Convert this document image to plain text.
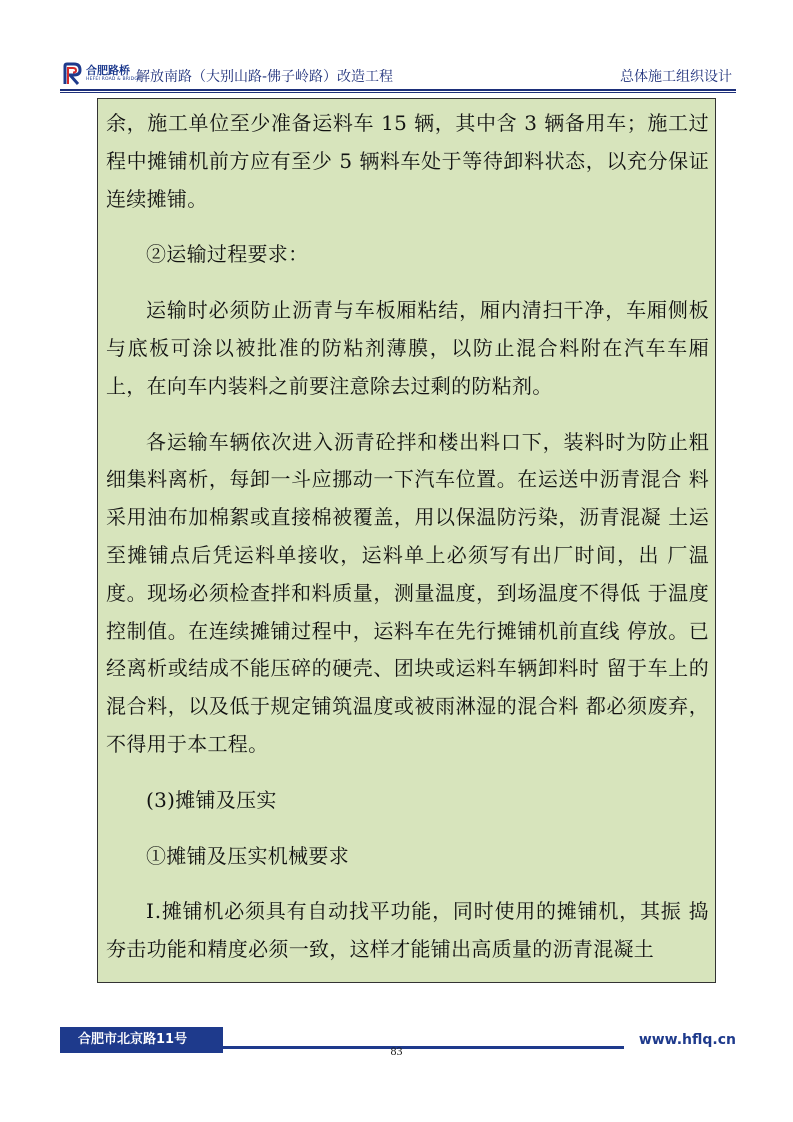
合肥路桥
HEFEI ROAD & BRIDGE
解放南路（大别山路-佛子岭路）改造工程	总体施工组织设计

余，施工单位至少准备运料车 15 辆，其中含 3 辆备用车；施工过程中摊铺机前方应有至少 5 辆料车处于等待卸料状态，以充分保证连续摊铺。

②运输过程要求：

运输时必须防止沥青与车板厢粘结，厢内清扫干净，车厢侧板与底板可涂以被批准的防粘剂薄膜，以防止混合料附在汽车车厢上，在向车内装料之前要注意除去过剩的防粘剂。

各运输车辆依次进入沥青砼拌和楼出料口下，装料时为防止粗细集料离析，每卸一斗应挪动一下汽车位置。在运送中沥青混合 料采用油布加棉絮或直接棉被覆盖，用以保温防污染，沥青混凝 土运至摊铺点后凭运料单接收，运料单上必须写有出厂时间，出 厂温度。现场必须检查拌和料质量，测量温度，到场温度不得低 于温度控制值。在连续摊铺过程中，运料车在先行摊铺机前直线 停放。已经离析或结成不能压碎的硬壳、团块或运料车辆卸料时 留于车上的混合料，以及低于规定铺筑温度或被雨淋湿的混合料 都必须废弃，不得用于本工程。

(3)摊铺及压实

①摊铺及压实机械要求

Ⅰ.摊铺机必须具有自动找平功能，同时使用的摊铺机，其振 捣夯击功能和精度必须一致，这样才能铺出高质量的沥青混凝土

合肥市北京路11号	www.hflq.cn
83
